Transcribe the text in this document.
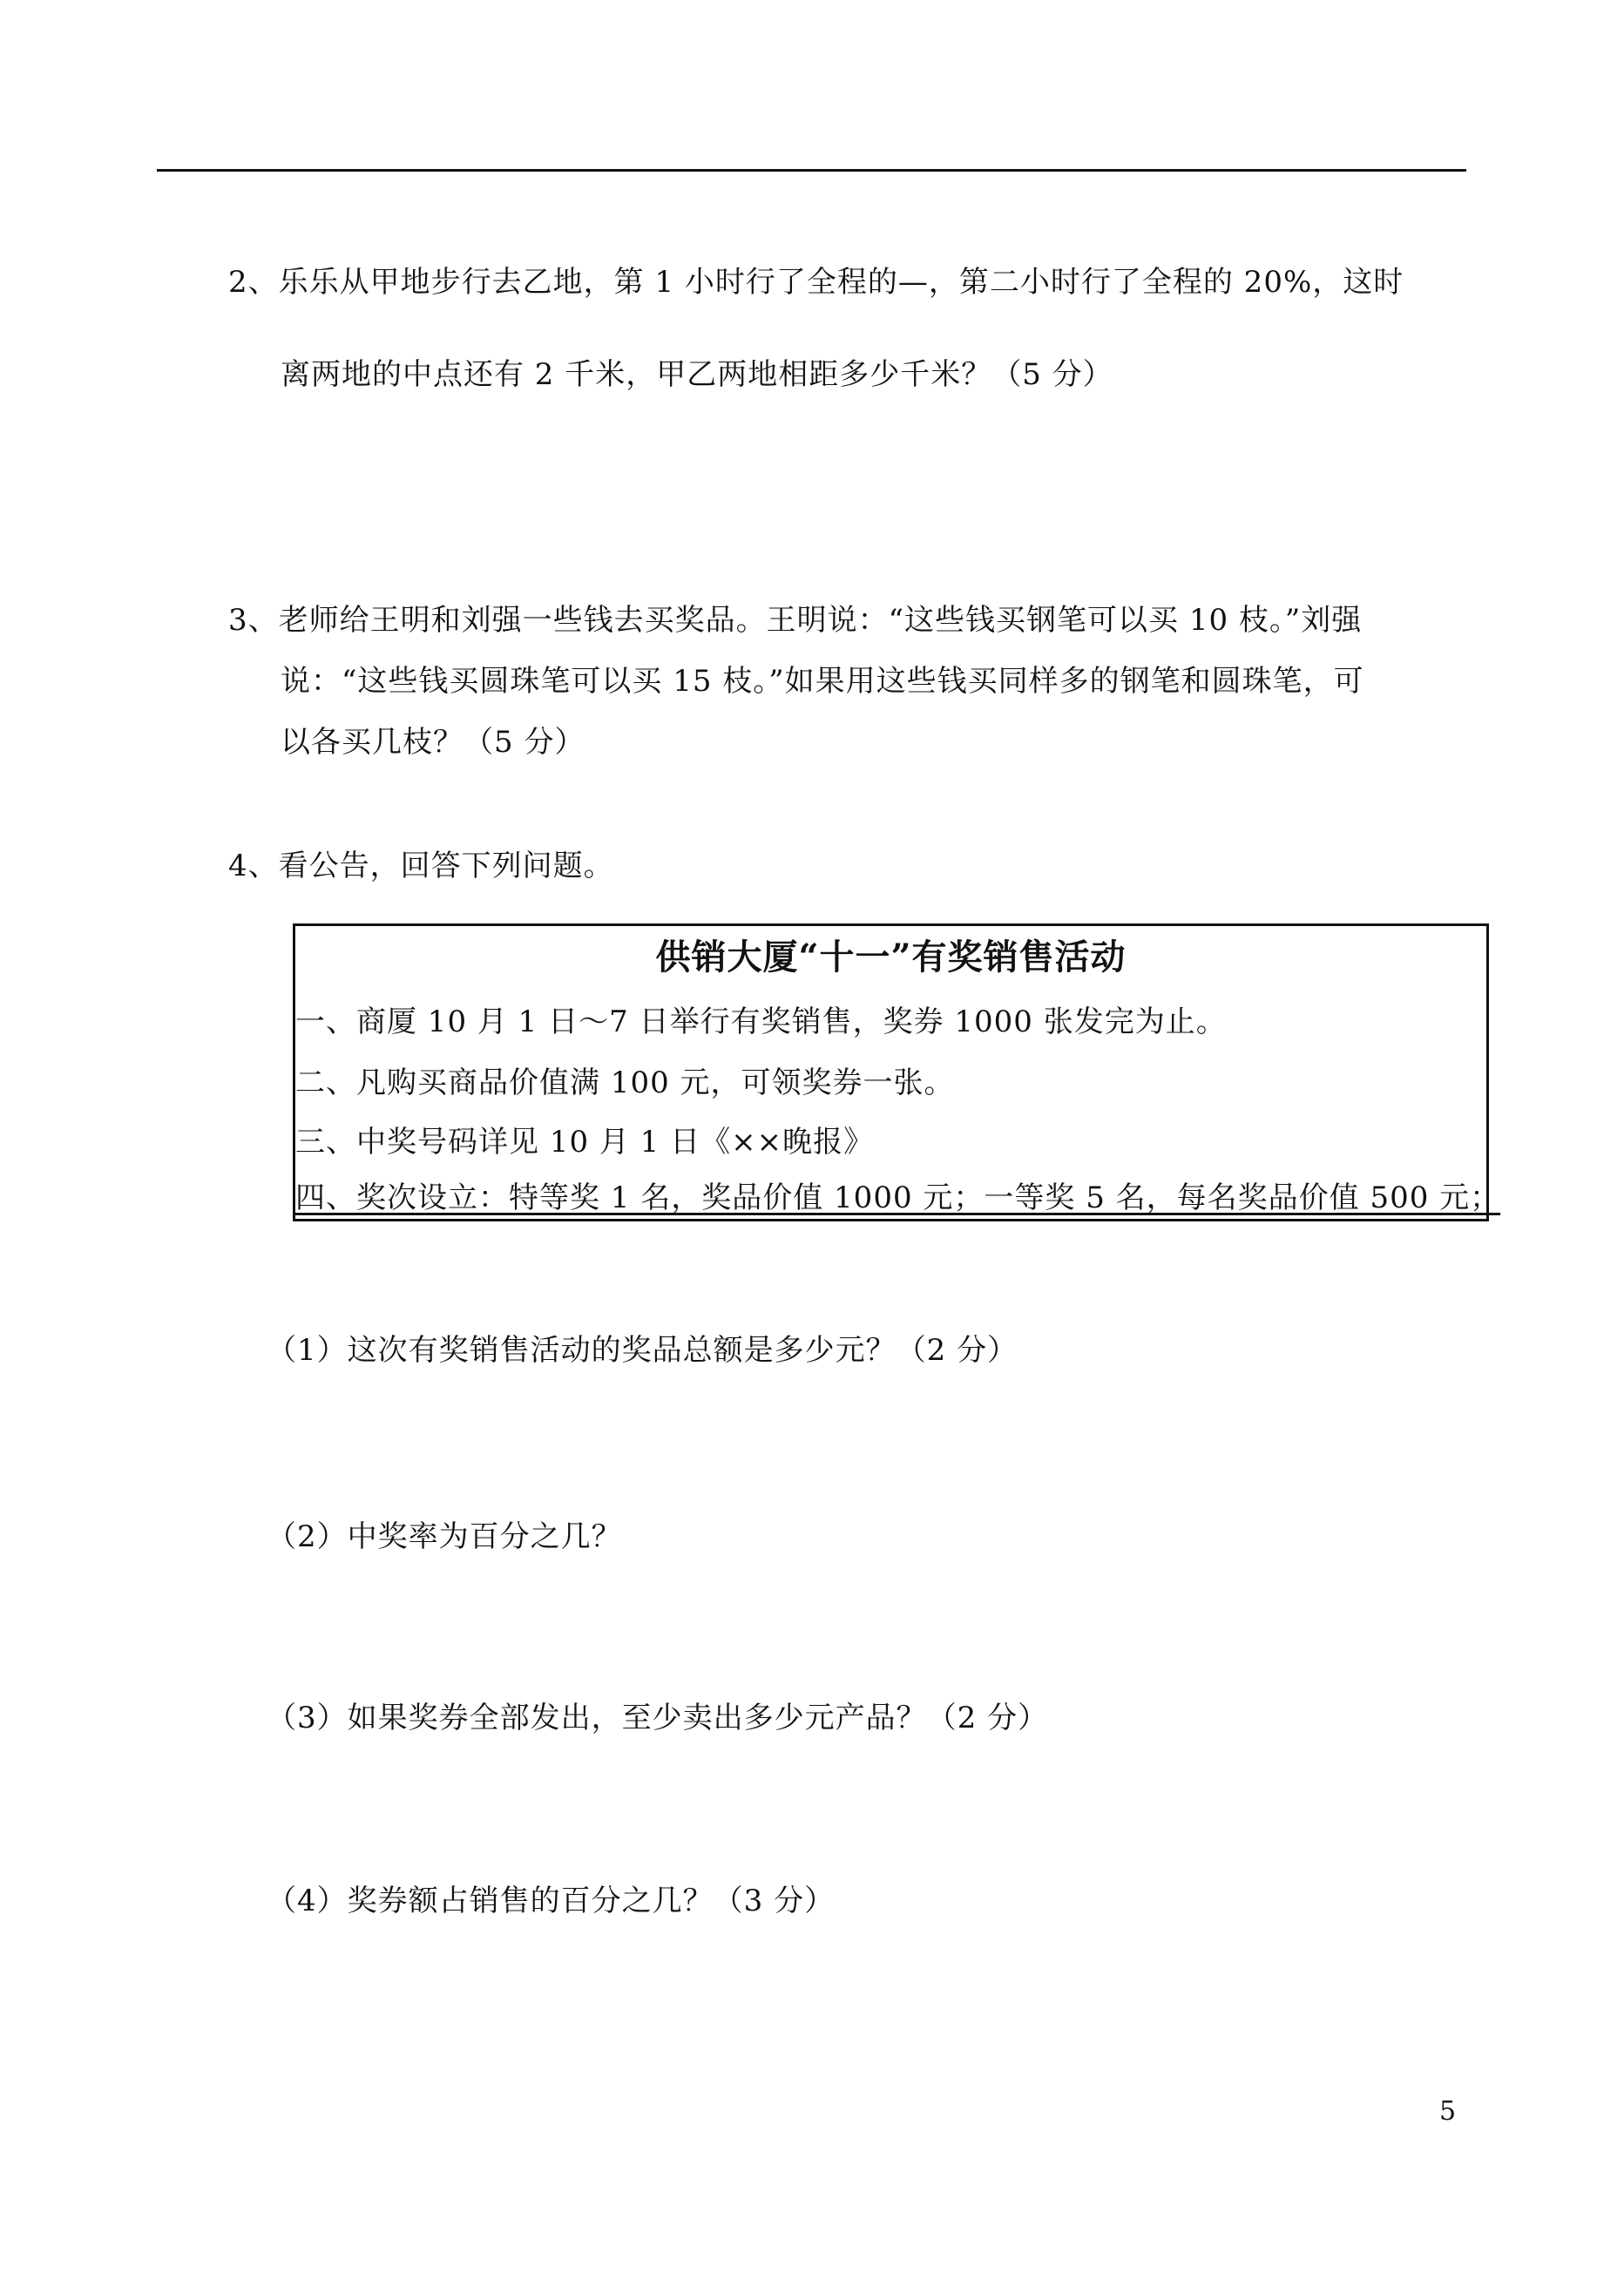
2、乐乐从甲地步行去乙地，第 1 小时行了全程的—，第二小时行了全程的 20%，这时
离两地的中点还有 2 千米，甲乙两地相距多少千米？（5 分）
3、老师给王明和刘强一些钱去买奖品。王明说：“这些钱买钢笔可以买 10 枝。”刘强
说：“这些钱买圆珠笔可以买 15 枝。”如果用这些钱买同样多的钢笔和圆珠笔，可
以各买几枝？（5 分）
4、看公告，回答下列问题。
供销大厦“十一”有奖销售活动
一、商厦 10 月 1 日～7 日举行有奖销售，奖券 1000 张发完为止。
二、凡购买商品价值满 100 元，可领奖券一张。
三、中奖号码详见 10 月 1 日《××晚报》
四、奖次设立：特等奖 1 名，奖品价值 1000 元；一等奖 5 名，每名奖品价值 500 元；
（1）这次有奖销售活动的奖品总额是多少元？（2 分）
（2）中奖率为百分之几？
（3）如果奖券全部发出，至少卖出多少元产品？（2 分）
（4）奖券额占销售的百分之几？（3 分）
5
